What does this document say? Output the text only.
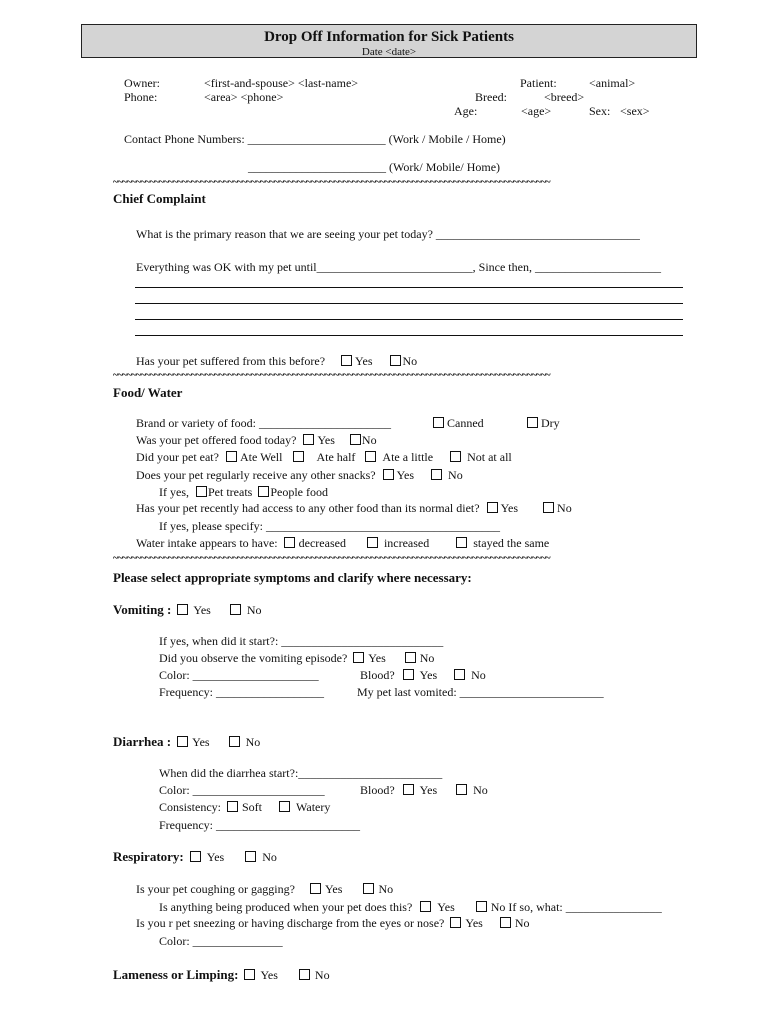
Drop Off Information for Sick Patients
Date <date>
Owner:	<first-and-spouse> <last-name>
Phone:	<area> <phone>
Patient:	<animal>
Breed:	<breed>
Age:	<age>	Sex: <sex>
Contact Phone Numbers: _______________________ (Work / Mobile / Home)
_______________________ (Work/ Mobile/ Home)
~~~~~~~~~~~~~~~~~~~~~~~~~~~~~~~~~~~~~~~~~~~~~~~~~~~~~~~~~~~~~~~~~~~~~~~~~~~~~~~~~~~~~~~~~~~~~~~
Chief Complaint
What is the primary reason that we are seeing your pet today? __________________________________
Everything was OK with my pet until__________________________, Since then, _____________________
Has your pet suffered from this before?	Yes	No
~~~~~~~~~~~~~~~~~~~~~~~~~~~~~~~~~~~~~~~~~~~~~~~~~~~~~~~~~~~~~~~~~~~~~~~~~~~~~~~~~~~~~~~~~~~~~~~
Food/ Water
Brand or variety of food: ______________________	Canned	Dry
Was your pet offered food today? Yes No
Did your pet eat? Ate Well	Ate half Ate a little	Not at all
Does your pet regularly receive any other snacks? Yes	No
If yes, Pet treats People food
Has your pet recently had access to any other food than its normal diet? Yes	No
If yes, please specify: _______________________________________
Water intake appears to have: decreased	increased	stayed the same
~~~~~~~~~~~~~~~~~~~~~~~~~~~~~~~~~~~~~~~~~~~~~~~~~~~~~~~~~~~~~~~~~~~~~~~~~~~~~~~~~~~~~~~~~~~~~~~
Please select appropriate symptoms and clarify where necessary:
Vomiting : Yes	No
If yes, when did it start?: ___________________________
Did you observe the vomiting episode? Yes	No
Color: _____________________	Blood? Yes	No
Frequency: __________________	My pet last vomited: ________________________
Diarrhea : Yes	No
When did the diarrhea start?:________________________
Color: ______________________	Blood? Yes	No
Consistency: Soft	Watery
Frequency: ________________________
Respiratory: Yes	No
Is your pet coughing or gagging?	Yes	No
Is anything being produced when your pet does this? Yes	No If so, what: ________________
Is you r pet sneezing or having discharge from the eyes or nose? Yes	No
Color: _______________
Lameness or Limping: Yes	No
